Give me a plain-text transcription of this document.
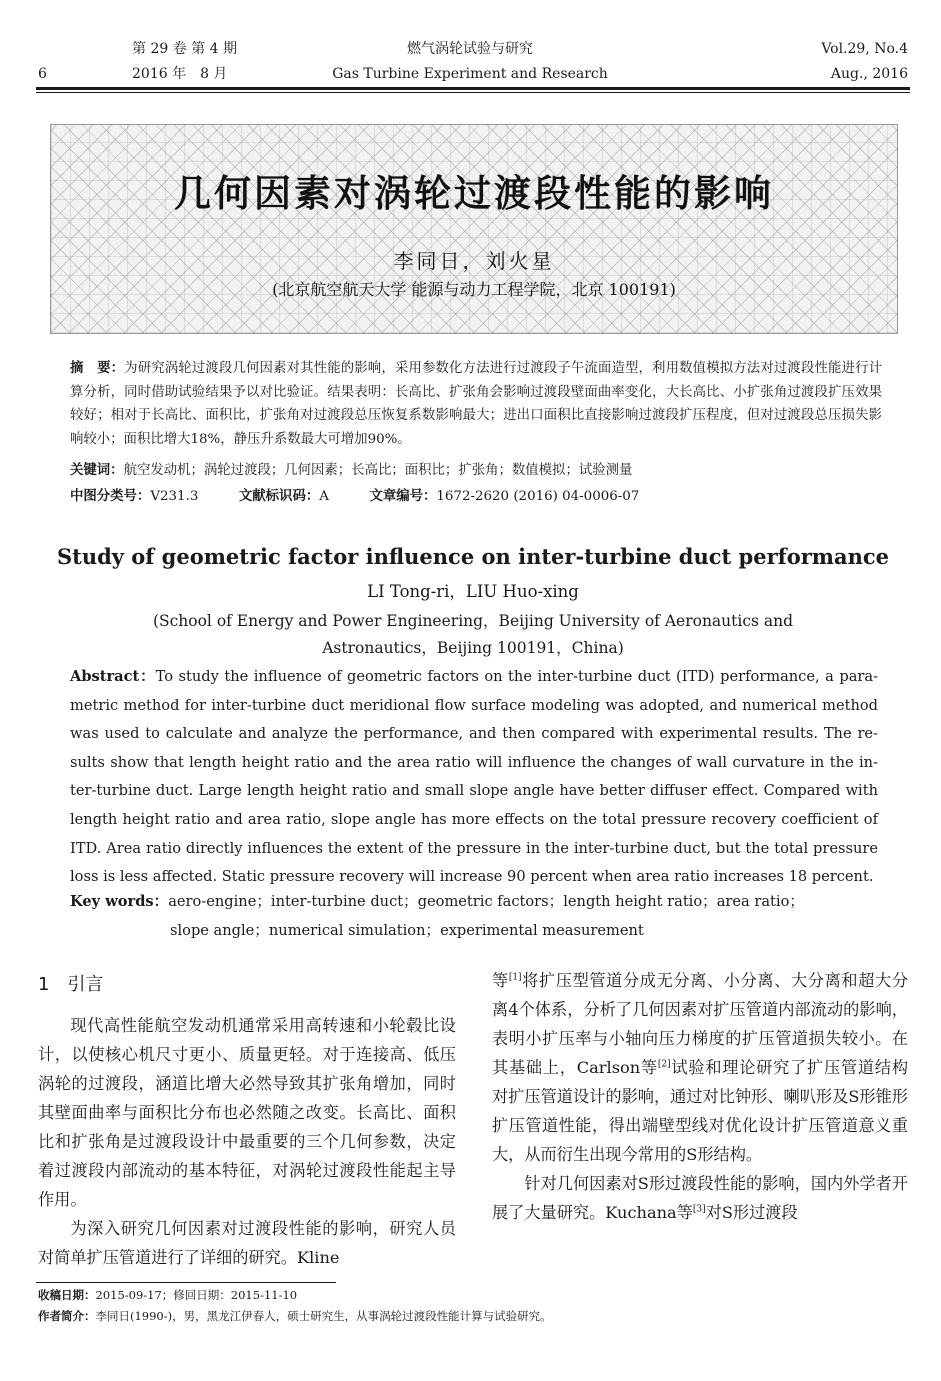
6
第 29 卷 第 4 期
2016 年　8 月
燃气涡轮试验与研究
Gas Turbine Experiment and Research
Vol.29, No.4
Aug., 2016
几何因素对涡轮过渡段性能的影响
李同日，刘火星
(北京航空航天大学 能源与动力工程学院，北京 100191)
摘　要：为研究涡轮过渡段几何因素对其性能的影响，采用参数化方法进行过渡段子午流面造型，利用数值模拟方法对过渡段性能进行计算分析，同时借助试验结果予以对比验证。结果表明：长高比、扩张角会影响过渡段壁面曲率变化，大长高比、小扩张角过渡段扩压效果较好；相对于长高比、面积比，扩张角对过渡段总压恢复系数影响最大；进出口面积比直接影响过渡段扩压程度，但对过渡段总压损失影响较小；面积比增大18%，静压升系数最大可增加90%。
关键词：航空发动机；涡轮过渡段；几何因素；长高比；面积比；扩张角；数值模拟；试验测量
中图分类号：V231.3	文献标识码：A	文章编号：1672-2620 (2016) 04-0006-07
Study of geometric factor influence on inter-turbine duct performance
LI Tong-ri，LIU Huo-xing
(School of Energy and Power Engineering，Beijing University of Aeronautics and
Astronautics，Beijing 100191，China)
Abstract：To study the influence of geometric factors on the inter-turbine duct (ITD) performance, a para-
metric method for inter-turbine duct meridional flow surface modeling was adopted, and numerical method
was used to calculate and analyze the performance, and then compared with experimental results. The re-
sults show that length height ratio and the area ratio will influence the changes of wall curvature in the in-
ter-turbine duct. Large length height ratio and small slope angle have better diffuser effect. Compared with
length height ratio and area ratio, slope angle has more effects on the total pressure recovery coefficient of
ITD. Area ratio directly influences the extent of the pressure in the inter-turbine duct, but the total pressure
loss is less affected. Static pressure recovery will increase 90 percent when area ratio increases 18 percent.
Key words：aero-engine；inter-turbine duct；geometric factors；length height ratio；area ratio；
slope angle；numerical simulation；experimental measurement
1　引言

现代高性能航空发动机通常采用高转速和小轮毂比设计，以使核心机尺寸更小、质量更轻。对于连接高、低压涡轮的过渡段，涵道比增大必然导致其扩张角增加，同时其壁面曲率与面积比分布也必然随之改变。长高比、面积比和扩张角是过渡段设计中最重要的三个几何参数，决定着过渡段内部流动的基本特征，对涡轮过渡段性能起主导作用。

为深入研究几何因素对过渡段性能的影响，研究人员对简单扩压管道进行了详细的研究。Kline

等[1]将扩压型管道分成无分离、小分离、大分离和超大分离4个体系，分析了几何因素对扩压管道内部流动的影响，表明小扩压率与小轴向压力梯度的扩压管道损失较小。在其基础上，Carlson等[2]试验和理论研究了扩压管道结构对扩压管道设计的影响，通过对比钟形、喇叭形及S形锥形扩压管道性能，得出端壁型线对优化设计扩压管道意义重大，从而衍生出现今常用的S形结构。

针对几何因素对S形过渡段性能的影响，国内外学者开展了大量研究。Kuchana等[3]对S形过渡段

收稿日期：2015-09-17；修回日期：2015-11-10
作者简介：李同日(1990-)，男，黑龙江伊春人，硕士研究生，从事涡轮过渡段性能计算与试验研究。
